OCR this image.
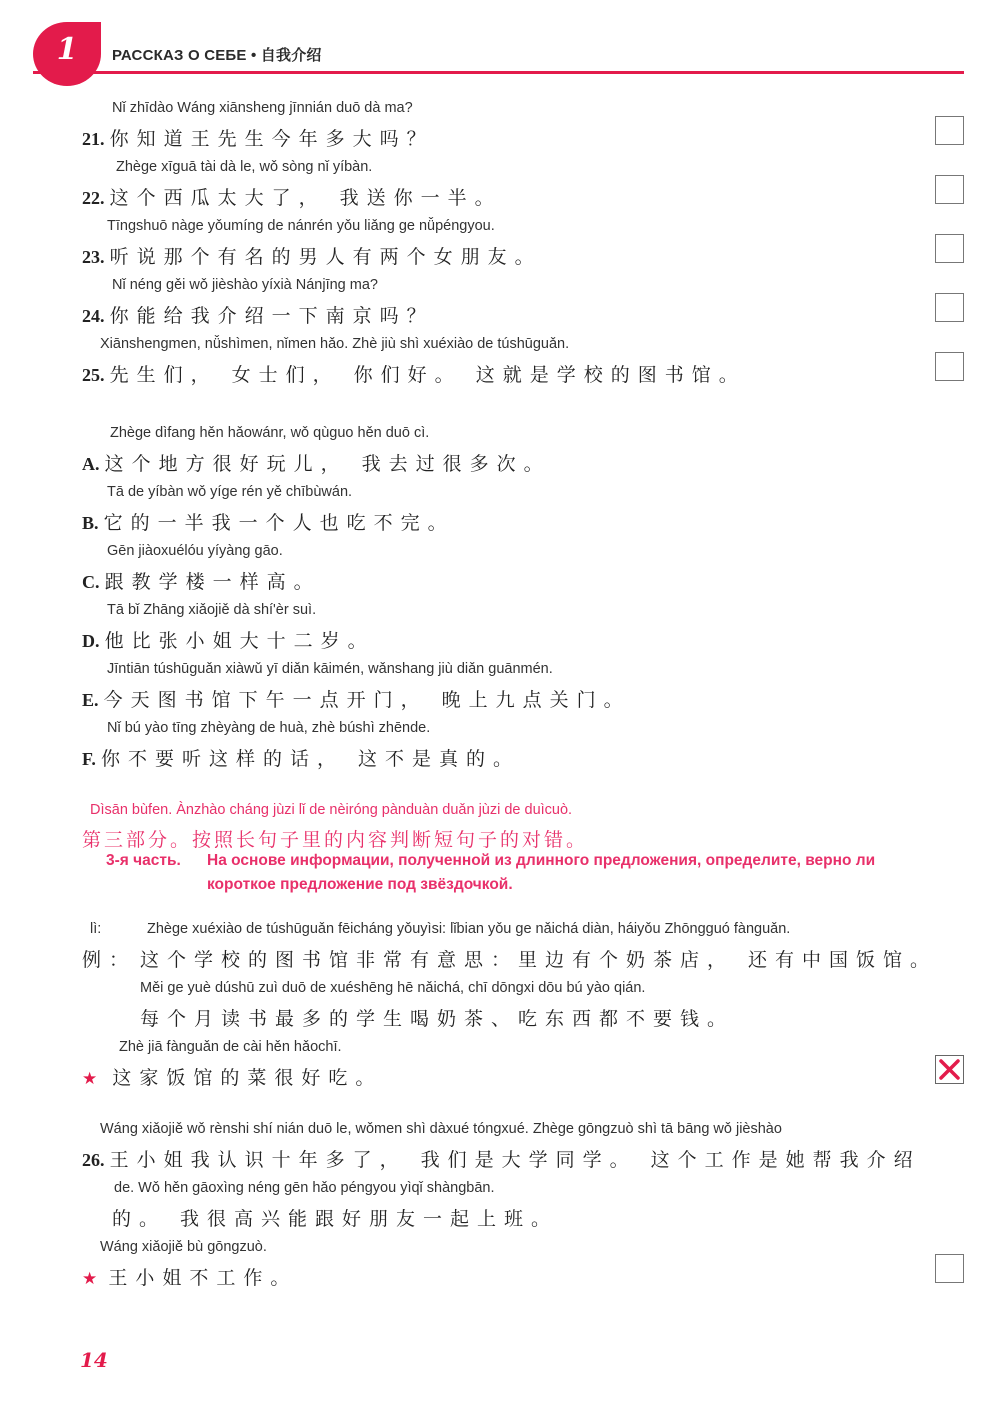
1	РАССКАЗ О СЕБЕ • 自我介绍
Nǐ zhīdào Wáng xiānsheng jīnnián duō dà ma?
21. 你知道王先生今年多大吗？
Zhège xīguā tài dà le, wǒ sòng nǐ yíbàn.
22. 这个西瓜太大了， 我送你一半。
Tīngshuō nàge yǒumíng de nánrén yǒu liǎng ge nǚpéngyou.
23. 听说那个有名的男人有两个女朋友。
Nǐ néng gěi wǒ jièshào yíxià Nánjīng ma?
24. 你能给我介绍一下南京吗？
Xiānshengmen, nǚshìmen, nǐmen hǎo. Zhè jiù shì xuéxiào de túshūguǎn.
25. 先生们， 女士们， 你们好。 这就是学校的图书馆。
Zhège dìfang hěn hǎowánr, wǒ qùguo hěn duō cì.
A. 这个地方很好玩儿， 我去过很多次。
Tā de yíbàn wǒ yíge rén yě chībùwán.
B. 它的一半我一个人也吃不完。
Gēn jiàoxuélóu yíyàng gāo.
C. 跟教学楼一样高。
Tā bǐ Zhāng xiǎojiě dà shí'èr suì.
D. 他比张小姐大十二岁。
Jīntiān túshūguǎn xiàwǔ yī diǎn kāimén, wǎnshang jiù diǎn guānmén.
E. 今天图书馆下午一点开门， 晚上九点关门。
Nǐ bú yào tīng zhèyàng de huà, zhè búshì zhēnde.
F. 你不要听这样的话， 这不是真的。
Dìsān bùfen. Ànzhào cháng jùzi lǐ de nèiróng pànduàn duǎn jùzi de duìcuò.
第三部分。按照长句子里的内容判断短句子的对错。
3-я часть. На основе информации, полученной из длинного предложения, определите, верно ли
короткое предложение под звёздочкой.
lì:	Zhège xuéxiào de túshūguǎn fēicháng yǒuyìsi: lǐbian yǒu ge nǎichá diàn, háiyǒu Zhōngguó fànguǎn.
例： 这个学校的图书馆非常有意思：里边有个奶茶店， 还有中国饭馆。
Měi ge yuè dúshū zuì duō de xuéshēng hē nǎichá, chī dōngxi dōu bú yào qián.
每个月读书最多的学生喝奶茶、吃东西都不要钱。
Zhè jiā fànguǎn de cài hěn hǎochī.
★ 这家饭馆的菜很好吃。
Wáng xiǎojiě wǒ rènshi shí nián duō le, wǒmen shì dàxué tóngxué. Zhège gōngzuò shì tā bāng wǒ jièshào
26. 王小姐我认识十年多了， 我们是大学同学。 这个工作是她帮我介绍
de. Wǒ hěn gāoxìng néng gēn hǎo péngyou yìqǐ shàngbān.
的。 我很高兴能跟好朋友一起上班。
Wáng xiǎojiě bù gōngzuò.
★ 王小姐不工作。
14
